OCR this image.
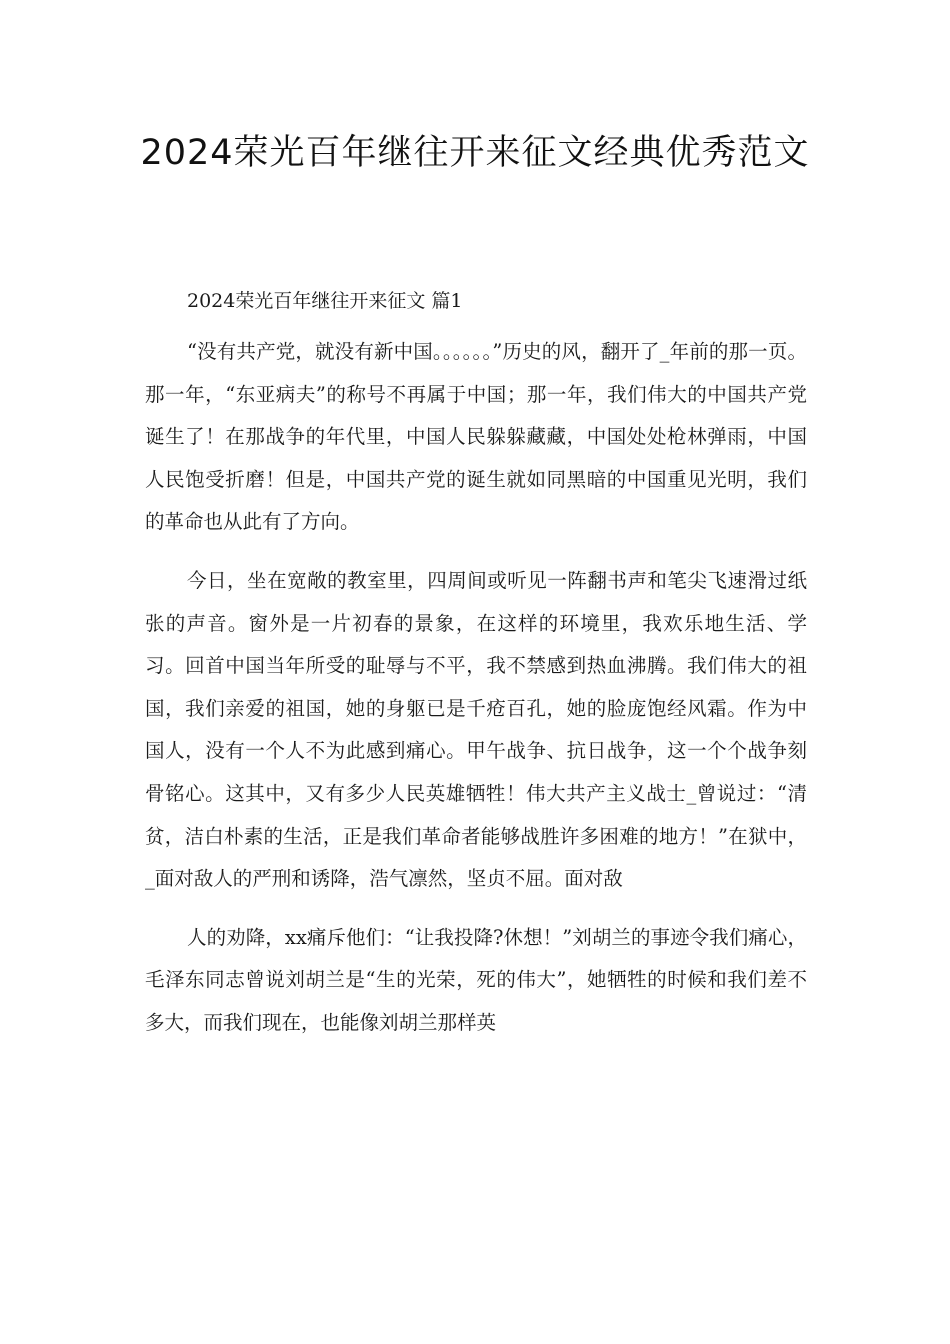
2024荣光百年继往开来征文经典优秀范文
2024荣光百年继往开来征文 篇1

“没有共产党，就没有新中国。。。。。。”历史的风，翻开了_年前的那一页。那一年，“东亚病夫”的称号不再属于中国；那一年，我们伟大的中国共产党诞生了！在那战争的年代里，中国人民躲躲藏藏，中国处处枪林弹雨，中国人民饱受折磨！但是，中国共产党的诞生就如同黑暗的中国重见光明，我们的革命也从此有了方向。

今日，坐在宽敞的教室里，四周间或听见一阵翻书声和笔尖飞速滑过纸张的声音。窗外是一片初春的景象，在这样的环境里，我欢乐地生活、学习。回首中国当年所受的耻辱与不平，我不禁感到热血沸腾。我们伟大的祖国，我们亲爱的祖国，她的身躯已是千疮百孔，她的脸庞饱经风霜。作为中国人，没有一个人不为此感到痛心。甲午战争、抗日战争，这一个个战争刻骨铭心。这其中，又有多少人民英雄牺牲！伟大共产主义战士_曾说过：“清贫，洁白朴素的生活，正是我们革命者能够战胜许多困难的地方！”在狱中，_面对敌人的严刑和诱降，浩气凛然，坚贞不屈。面对敌

人的劝降，xx痛斥他们：“让我投降?休想！”刘胡兰的事迹令我们痛心，毛泽东同志曾说刘胡兰是“生的光荣，死的伟大”，她牺牲的时候和我们差不多大，而我们现在，也能像刘胡兰那样英
